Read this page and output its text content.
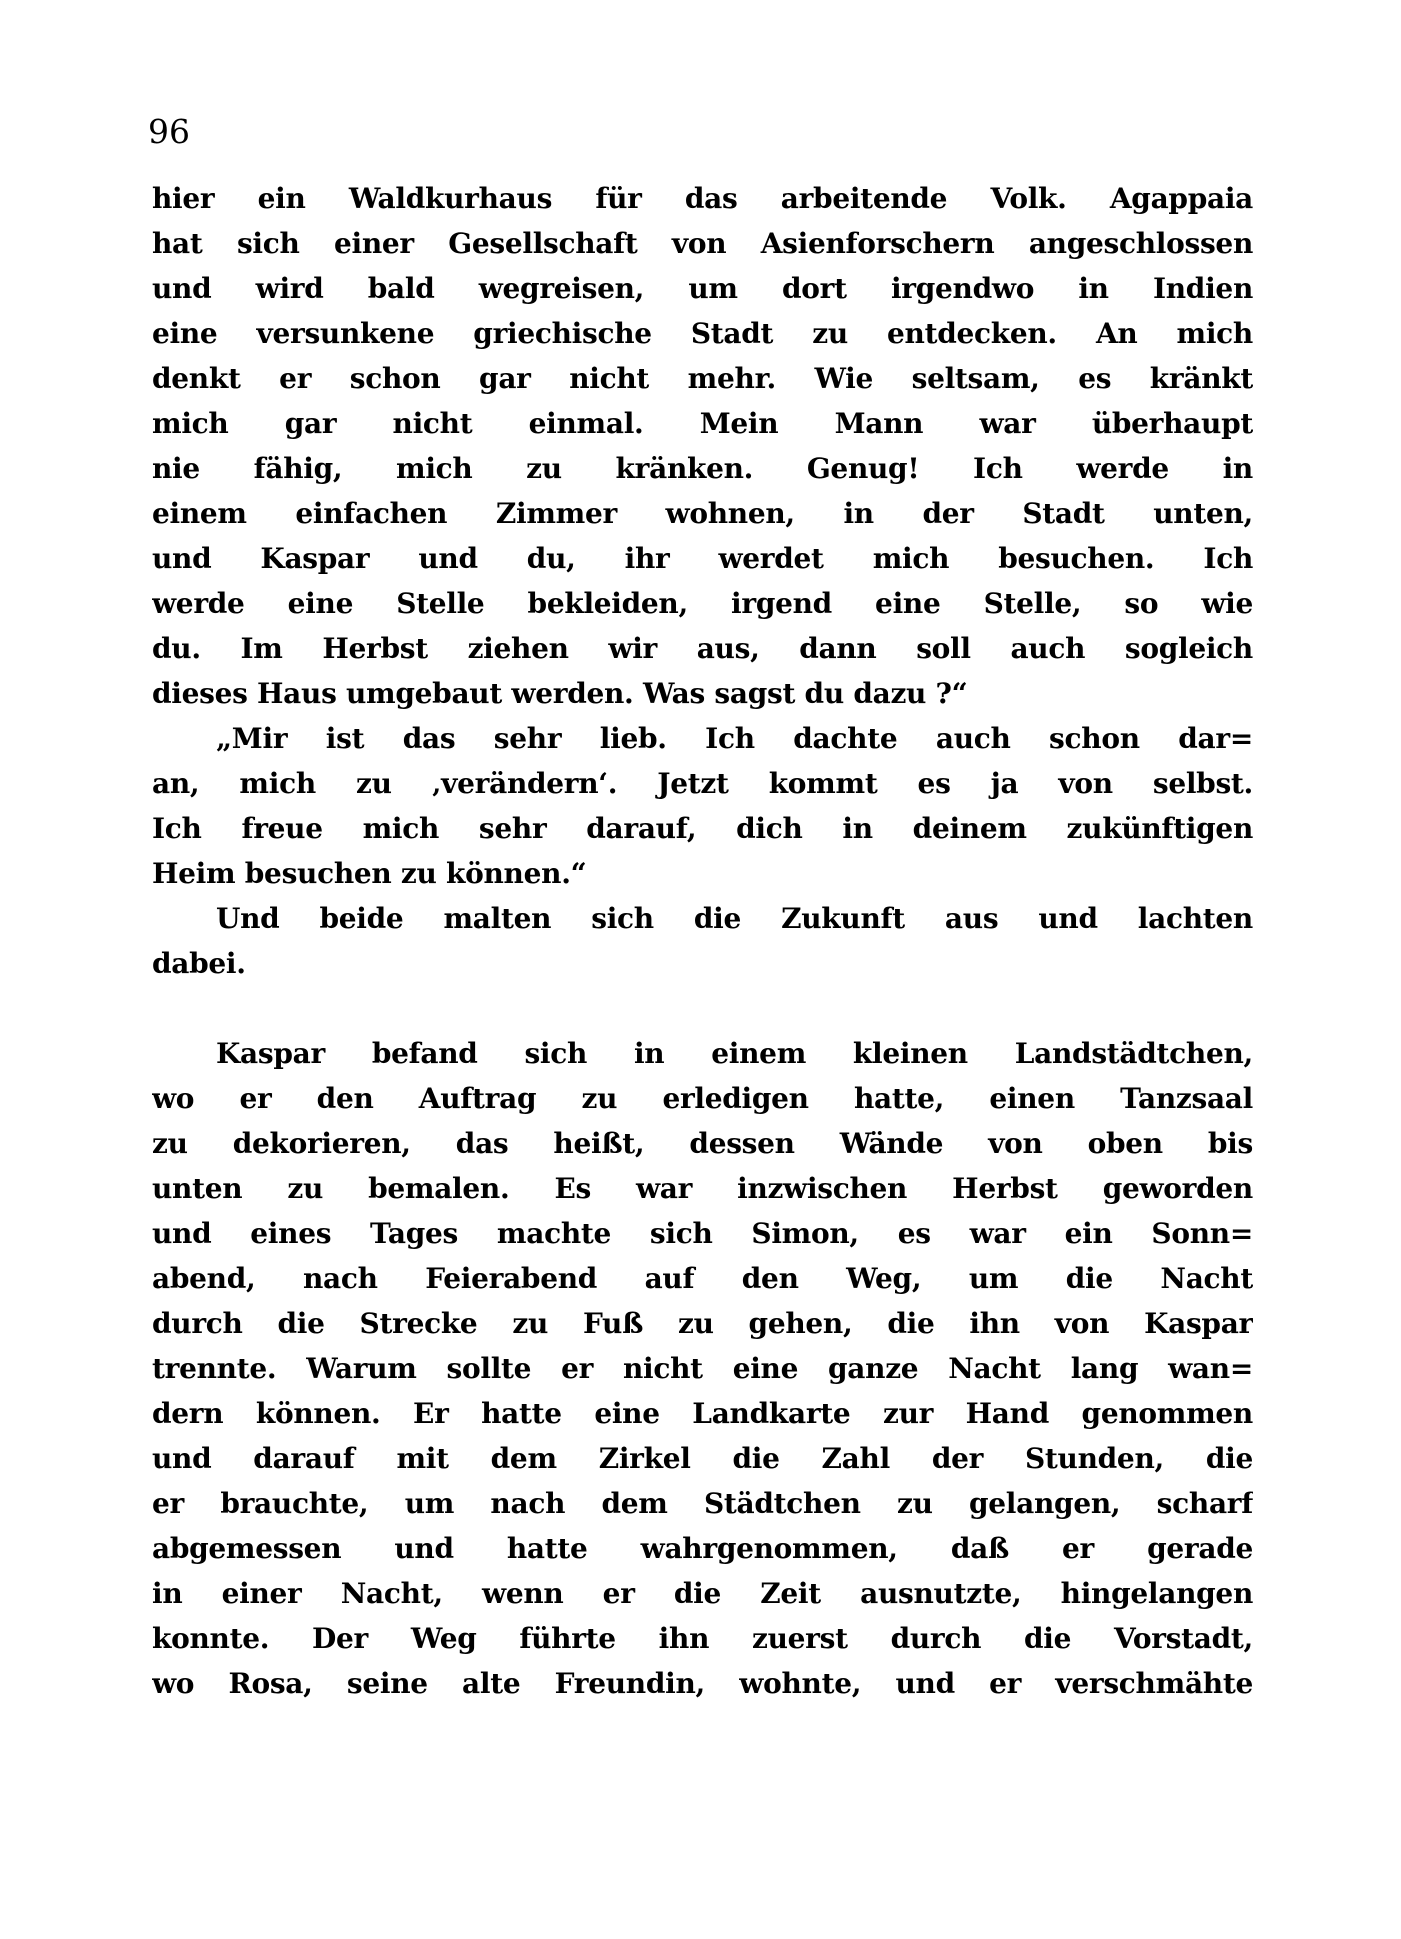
96
hier ein Waldkurhaus für das arbeitende Volk. Agappaia
hat sich einer Gesellschaft von Asienforschern angeschlossen
und wird bald wegreisen, um dort irgendwo in Indien
eine versunkene griechische Stadt zu entdecken. An mich
denkt er schon gar nicht mehr. Wie seltsam, es kränkt
mich gar nicht einmal. Mein Mann war überhaupt
nie fähig, mich zu kränken. Genug! Ich werde in
einem einfachen Zimmer wohnen, in der Stadt unten,
und Kaspar und du, ihr werdet mich besuchen. Ich
werde eine Stelle bekleiden, irgend eine Stelle, so wie
du. Im Herbst ziehen wir aus, dann soll auch sogleich
dieses Haus umgebaut werden. Was sagst du dazu ?“
„Mir ist das sehr lieb. Ich dachte auch schon dar=
an, mich zu ‚verändern‘. Jetzt kommt es ja von selbst.
Ich freue mich sehr darauf, dich in deinem zukünftigen
Heim besuchen zu können.“
Und beide malten sich die Zukunft aus und lachten
dabei.
Kaspar befand sich in einem kleinen Landstädtchen,
wo er den Auftrag zu erledigen hatte, einen Tanzsaal
zu dekorieren, das heißt, dessen Wände von oben bis
unten zu bemalen. Es war inzwischen Herbst geworden
und eines Tages machte sich Simon, es war ein Sonn=
abend, nach Feierabend auf den Weg, um die Nacht
durch die Strecke zu Fuß zu gehen, die ihn von Kaspar
trennte. Warum sollte er nicht eine ganze Nacht lang wan=
dern können. Er hatte eine Landkarte zur Hand genommen
und darauf mit dem Zirkel die Zahl der Stunden, die
er brauchte, um nach dem Städtchen zu gelangen, scharf
abgemessen und hatte wahrgenommen, daß er gerade
in einer Nacht, wenn er die Zeit ausnutzte, hingelangen
konnte. Der Weg führte ihn zuerst durch die Vorstadt,
wo Rosa, seine alte Freundin, wohnte, und er verschmähte
